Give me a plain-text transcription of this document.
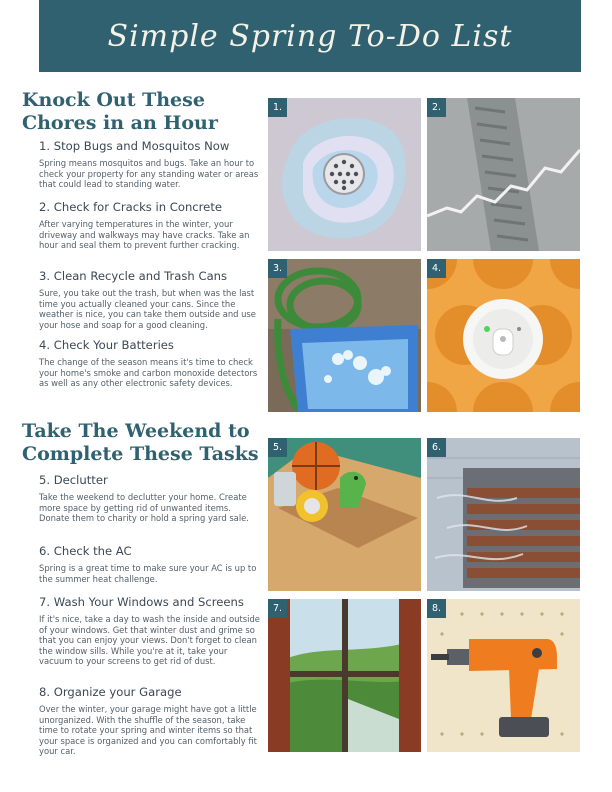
Simple Spring To-Do List
Knock Out These
Chores in an Hour
1. Stop Bugs and Mosquitos Now

Spring means mosquitos and bugs. Take an hour to check your property for any standing water or areas that could lead to standing water.

2. Check for Cracks in Concrete

After varying temperatures in the winter, your driveway and walkways may have cracks. Take an hour and seal them to prevent further cracking.

3. Clean Recycle and Trash Cans

Sure, you take out the trash, but when was the last time you actually cleaned your cans. Since the weather is nice, you can take them outside and use your hose and soap for a good cleaning.

4. Check Your Batteries

The change of the season means it's time to check your home's smoke and carbon monoxide detectors as well as any other electronic safety devices.

Take The Weekend to
Complete These Tasks
5. Declutter

Take the weekend to declutter your home. Create more space by getting rid of unwanted items. Donate them to charity or hold a spring yard sale.

6. Check the AC

Spring is a great time to make sure your AC is up to the summer heat challenge.

7. Wash Your Windows and Screens

If it's nice, take a day to wash the inside and outside of your windows. Get that winter dust and grime so that you can enjoy your views. Don't forget to clean the window sills. While you're at it, take your vacuum to your screens to get rid of dust.

8. Organize your Garage

Over the winter, your garage might have got a little unorganized. With the shuffle of the season, take time to rotate your spring and winter items so that your space is organized and you can comfortably fit your car.

1.	2.
3.	4.
5.	6.
7.	8.
